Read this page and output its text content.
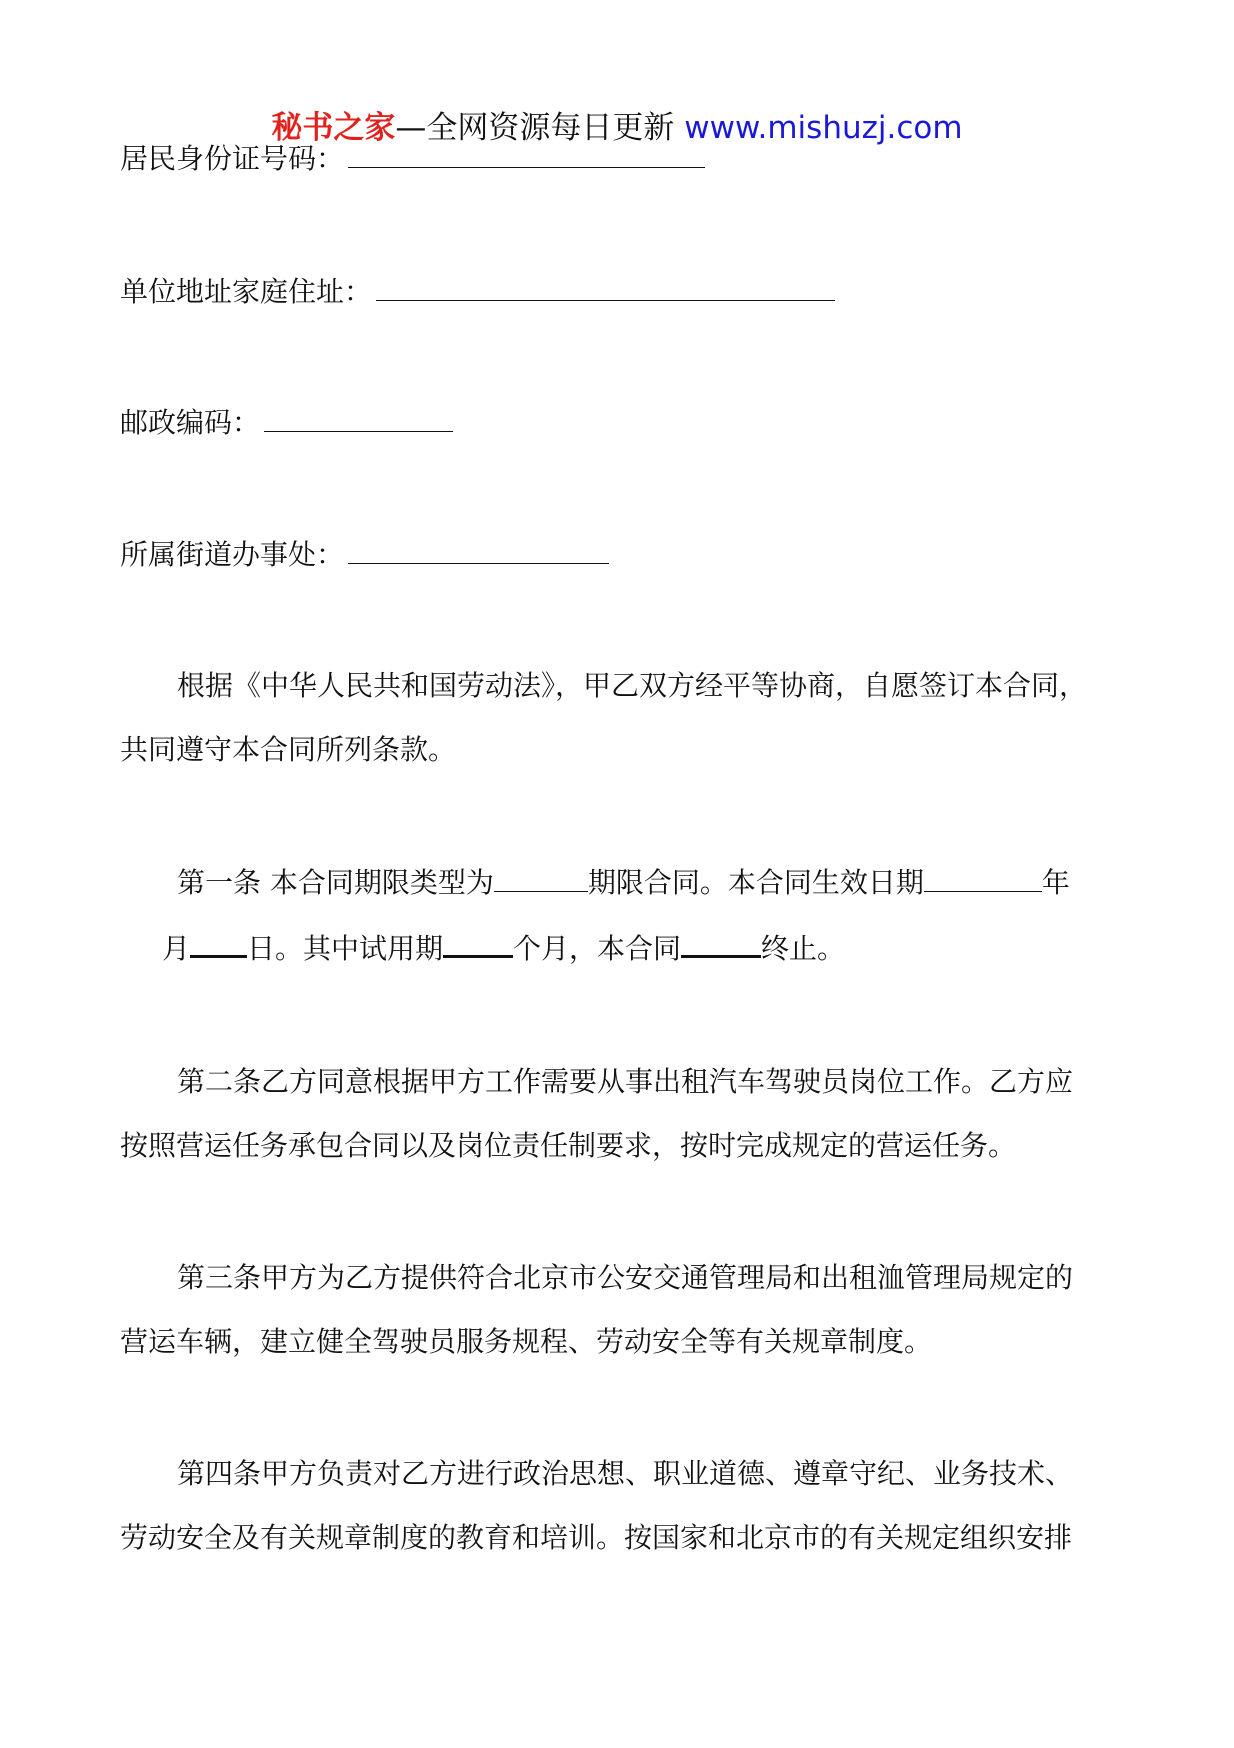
秘书之家—全网资源每日更新 www.mishuzj.com
居民身份证号码：
单位地址家庭住址：
邮政编码：
所属街道办事处：
根据《中华人民共和国劳动法》，甲乙双方经平等协商，自愿签订本合同，
共同遵守本合同所列条款。
第一条 本合同期限类型为	期限合同。本合同生效日期	年
月 日。其中试用期	个月，本合同	终止。
第二条乙方同意根据甲方工作需要从事出租汽车驾驶员岗位工作。乙方应
按照营运任务承包合同以及岗位责任制要求，按时完成规定的营运任务。
第三条甲方为乙方提供符合北京市公安交通管理局和出租洫管理局规定的
营运车辆，建立健全驾驶员服务规程、劳动安全等有关规章制度。
第四条甲方负责对乙方进行政治思想、职业道德、遵章守纪、业务技术、
劳动安全及有关规章制度的教育和培训。按国家和北京市的有关规定组织安排
